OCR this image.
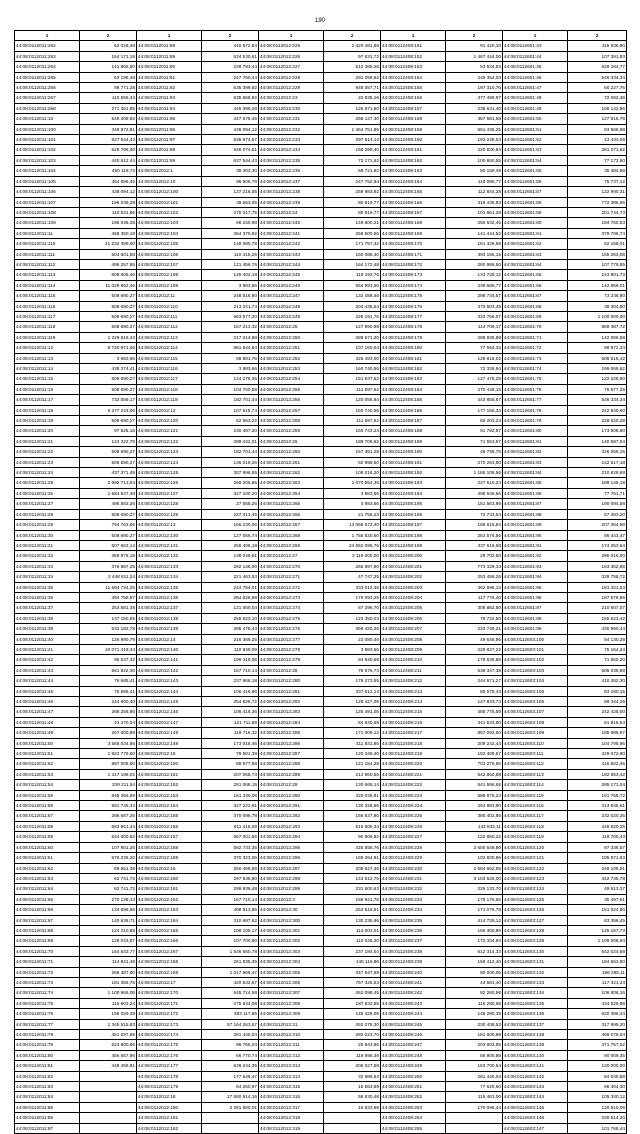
190
1	2	1	2	1	2	1	2	1	2
44:08:0112011:262	62 028,48	44:08:0112011:88	440 672,54	44:08:0112012:225	1 420 481,88	44:08:0112408:151	91 420,10	44:08:0112601:43	115 936,90
44:08:0112011:263	164 171,18	44:08:0112011:89	534 530,61	44:08:0112012:226	97 631,72	44:08:0112408:152	1 467 444,00	44:08:0112601:44	107 391,83
44:08:0112011:264	141 865,50	44:08:0112011:90	239 783,44	44:08:0112012:227	612 385,28	44:08:0112408:153	53 534,93	44:08:0112601:45	629 184,77
44:08:0112011:265	63 196,48	44:08:0112011:91	247 760,44	44:08:0112012:228	291 259,62	44:08:0112408:154	246 354,03	44:08:0112601:46	546 334,34
44:08:0112011:266	98 771,28	44:08:0112011:92	635 399,82	44:08:0112012:229	948 057,71	44:08:0112408:155	197 310,76	44:08:0112601:47	60 227,76
44:08:0112011:267	110 655,34	44:08:0112011:93	635 659,92	44:08:0112012:23	22 835,16	44:08:0112408:156	377 499,97	44:08:0112601:48	72 092,46
44:08:0112011:268	271 361,95	44:08:0112011:94	445 396,28	44:08:0112012:230	126 871,60	44:08:0112408:157	236 631,40	44:08:0112601:49	108 142,86
44:08:0112011:10	549 409,92	44:08:0112011:95	447 676,45	44:08:0112012:231	258 127,30	44:08:0112408:158	367 581,58	44:08:0112601:50	127 916,76
44:08:0112011:100	349 872,81	44:08:0112011:96	436 094,12	44:08:0112012:232	1 464 751,85	44:08:0112408:159	661 436,25	44:08:0112601:51	93 566,98
44:08:0112011:101	627 544,43	44:08:0112011:97	535 674,67	44:08:0112012:233	297 614,14	44:08:0112408:160	193 248,04	44:08:0112601:52	43 433,08
44:08:0112011:102	628 796,30	44:08:0112011:98	646 074,61	44:08:0112012:234	168 298,40	44:08:0112408:161	220 830,84	44:08:0112601:53	281 071,52
44:08:0112011:103	440 612,44	44:08:0112011:99	637 544,43	44:08:0112012:235	72 171,62	44:08:0112408:162	100 650,55	44:08:0112601:54	77 172,60
44:08:0112011:104	450 119,72	44:08:0112012:1	38 303,30	44:08:0112012:236	68 721,92	44:08:0112408:163	50 159,49	44:08:0112601:55	35 484,58
44:08:0112011:105	454 686,45	44:08:0112012:10	96 506,78	44:08:0112012:237	247 752,84	44:08:0112408:164	118 085,77	44:08:0112601:56	75 737,12
44:08:0112011:106	438 094,12	44:08:0112012:100	137 216,05	44:08:0112012:238	259 983,92	44:08:0112408:165	112 844,28	44:08:0112601:57	122 990,31
44:08:0112011:107	196 035,28	44:08:0112012:101	39 663,05	44:08:0112012:239	80 919,77	44:08:0112408:166	316 435,93	44:08:0112601:58	772 386,96
44:08:0112011:108	110 531,86	44:08:0112012:102	270 017,75	44:08:0112012:24	80 919,77	44:08:0112408:167	101 861,28	44:08:0112601:59	201 744,73
44:08:0112011:109	196 035,28	44:08:0112012:103	96 240,98	44:08:0112012:240	149 600,21	44:08:0112408:168	250 632,45	44:08:0112601:60	194 760,53
44:08:0112011:11	468 350,18	44:08:0112012:104	364 370,82	44:08:0112012:241	259 500,56	44:08:0112408:169	141 444,52	44:08:0112601:61	379 706,74
44:08:0112011:110	21 232 389,00	44:08:0112012:105	149 080,79	44:08:0112012:242	171 757,32	44:08:0112408:170	161 328,59	44:08:0112601:62	62 168,01
44:08:0112011:111	504 601,58	44:08:0112012:106	110 415,26	44:08:0112012:243	160 086,40	44:08:0112408:171	393 156,15	44:08:0112601:63	155 263,06
44:08:0112011:112	495 257,86	44:08:0112012:107	121 456,76	44:08:0112012:244	164 172,48	44:08:0112408:172	260 986,50	44:08:0112601:64	107 779,55
44:08:0112011:113	608 605,46	44:08:0112012:108	125 402,18	44:08:0112012:245	119 192,76	44:08:0112408:173	133 728,12	44:08:0112601:65	243 801,73
44:08:0112011:114	11 029 852,46	44:08:0112012:109	3 983,66	44:08:0112012:246	564 993,50	44:08:0112408:174	239 686,77	44:08:0112601:66	142 958,01
44:08:0112011:115	508 690,27	44:08:0112012:11	248 516,90	44:08:0112012:247	132 488,48	44:08:0112408:175	298 734,57	44:08:0112601:67	73 236,80
44:08:0112011:116	508 690,27	44:08:0112012:110	213 221,74	44:08:0112012:248	204 435,54	44:08:0112408:176	370 503,45	44:08:0112601:68	38 304,80
44:08:0112011:117	508 690,27	44:08:0112012:111	663 577,20	44:08:0112012:249	228 191,76	44:08:0112408:177	333 766,07	44:08:0112601:69	1 100 000,00
44:08:0112011:118	508 690,27	44:08:0112012:112	167 213,32	44:08:0112012:25	127 990,98	44:08:0112408:178	114 709,17	44:08:0112601:70	889 387,72
44:08:0112011:119	1 229 816,43	44:08:0112012:113	217 214,88	44:08:0112012:250	288 671,20	44:08:0112408:179	288 936,88	44:08:0112601:71	142 006,58
44:08:0112011:12	8 720 971,06	44:08:0112012:114	881 644,64	44:08:0112012:251	107 160,04	44:08:0112408:180	77 594,32	44:08:0112601:72	98 872,34
44:08:0112011:13	3 983,66	44:08:0112012:115	98 801,76	44:08:0112012:252	325 493,00	44:08:0112408:181	129 818,02	44:08:0112601:73	505 618,42
44:08:0112011:14	438 374,41	44:08:0112012:116	3 983,66	44:08:0112012:253	160 740,56	44:08:0112408:182	72 336,94	44:08:0112601:74	199 065,62
44:08:0112011:15	509 590,27	44:08:0112012:117	144 276,35	44:08:0112012:254	151 637,52	44:08:0112408:183	127 476,25	44:08:0112601:75	122 228,60
44:08:0112011:16	508 690,27	44:08:0112012:118	104 760,58	44:08:0112012:255	111 597,62	44:08:0112408:184	270 448,15	44:08:0112601:76	76 677,25
44:08:0112011:17	732 059,17	44:08:0112012:119	182 701,44	44:08:0112012:256	120 056,84	44:08:0112408:185	443 855,67	44:08:0112601:77	546 334,34
44:08:0112011:18	6 277 243,06	44:08:0112012:12	107 615,74	44:08:0112012:257	160 740,56	44:08:0112408:186	177 155,34	44:08:0112601:78	242 849,60
44:08:0112011:19	508 690,27	44:08:0112012:120	62 663,22	44:08:0112012:258	111 597,62	44:08:0112408:187	60 203,24	44:08:0112601:79	228 620,28
44:08:0112011:20	97 526,16	44:08:0112012:121	230 497,20	44:08:0112012:259	160 743,24	44:08:0112408:188	91 782,97	44:08:0112601:80	173 908,60
44:08:0112011:21	124 322,75	44:08:0112012:122	289 442,01	44:08:0112012:26	189 706,62	44:08:0112408:189	71 553,57	44:08:0112601:81	140 587,04
44:08:0112011:22	508 690,27	44:08:0112012:123	182 701,44	44:08:0112012:260	167 381,28	44:08:0112408:190	49 736,75	44:08:0112601:82	326 059,16
44:08:0112011:23	509 590,27	44:08:0112012:124	136 019,26	44:08:0112012:261	92 999,60	44:08:0112408:191	270 263,80	44:08:0112601:83	142 517,18
44:08:0112011:24	437 371,49	44:08:0112012:125	307 996,55	44:08:0112012:262	108 016,20	44:08:0112408:192	1 165 106,56	44:08:0112601:84	210 629,68
44:08:0112011:25	2 992 713,54	44:08:0112012:126	268 206,65	44:08:0112012:263	1 070 554,35	44:08:0112408:193	227 610,24	44:08:0112601:85	189 145,18
44:08:0112011:26	1 584 547,48	44:08:0112012:127	327 100,20	44:08:0112012:264	3 983,66	44:08:0112408:194	495 646,56	44:08:0112601:86	77 761,71
44:08:0112011:27	495 553,26	44:08:0112012:128	27 555,26	44:08:0112012:265	3 983,66	44:08:0112408:195	151 563,98	44:08:0112601:87	190 094,58
44:08:0112011:28	508 690,27	44:08:0112012:129	227 413,45	44:08:0112012:266	21 755,23	44:08:0112408:196	72 733,54	44:08:0112601:88	57 483,20
44:08:0112011:29	794 763,66	44:08:0112012:13	166 230,06	44:08:0112012:267	13 065 672,40	44:08:0112408:197	185 616,84	44:08:0112601:89	207 364,68
44:08:0112011:30	508 690,27	44:08:0112012:130	127 066,74	44:08:0112012:268	1 755 820,60	44:08:0112408:198	263 576,56	44:08:0112601:90	86 443,47
44:08:0112011:31	507 663,14	44:08:0112012:131	256 406,18	44:08:0112012:269	24 652 096,76	44:08:0112408:199	337 616,68	44:08:0112601:91	174 253,64
44:08:0112011:32	369 876,18	44:08:0112012:132	138 046,51	44:08:0112012:27	3 119 000,00	44:08:0112408:200	28 702,50	44:08:0112601:92	296 016,00
44:08:0112011:33	376 887,25	44:08:0112012:133	292 148,00	44:08:0112012:270	266 897,90	44:08:0112408:201	773 329,34	44:08:0112601:93	163 362,85
44:08:0112011:34	2 448 811,24	44:08:0112012:134	221 463,53	44:08:0112012:271	47 747,25	44:08:0112408:202	253 458,28	44:08:0112601:94	329 758,72
44:08:0112011:35	11 694 734,25	44:08:0112012:135	244 754,01	44:08:0112012:272	333 012,46	44:08:0112408:203	362 695,13	44:08:0112601:95	181 321,53
44:08:0112011:36	494 755,97	44:08:0112012:136	264 626,98	44:08:0112012:273	176 093,25	44:08:0112408:204	117 776,40	44:08:0112601:96	187 578,86
44:08:0112011:37	253 581,38	44:08:0112012:137	121 050,04	44:08:0112012:274	87 296,70	44:08:0112408:205	308 882,50	44:08:0112601:97	210 607,07
44:08:0112011:38	137 150,05	44:08:0112012:138	259 523,10	44:08:0112012:275	123 350,03	44:08:0112408:206	78 722,50	44:08:0112601:98	155 523,42
44:08:0112011:39	532 182,78	44:08:0112012:139	285 475,43	44:08:0112012:276	369 420,25	44:08:0112408:207	233 749,21	44:08:0112601:99	430 990,44
44:08:0112011:40	126 990,79	44:08:0112012:14	216 369,25	44:08:0112012:277	23 080,48	44:08:0112408:208	49 646,86	44:08:0112603:100	94 130,28
44:08:0112011:41	10 071 418,34	44:08:0112012:140	110 849,09	44:08:0112012:278	3 983,66	44:08:0112408:209	229 827,22	44:08:0112603:101	75 164,24
44:08:0112011:42	95 537,32	44:08:0112012:141	199 316,06	44:08:0112012:279	84 840,68	44:08:0112408:210	179 636,89	44:08:0112603:102	71 560,20
44:08:0112011:43	561 822,30	44:08:0112012:142	167 710,14	44:08:0112012:28	79 576,73	44:08:0112408:211	536 347,38	44:08:0112603:103	505 038,89
44:08:0112011:44	76 685,41	44:08:0112012:143	237 966,18	44:08:0112012:280	176 273,55	44:08:0112408:212	244 671,27	44:08:0112603:104	410 262,30
44:08:0112011:45	76 685,41	44:08:0112012:144	106 416,66	44:08:0112012:281	337 612,13	44:08:0112408:213	85 575,43	44:08:0112603:105	83 180,15
44:08:0112011:46	244 600,40	44:08:0112012:145	254 526,72	44:08:0112012:282	128 427,05	44:08:0112408:214	147 833,74	44:08:0112603:106	89 344,25
44:08:0112011:47	268 256,86	44:08:0112012:146	108 416,36	44:08:0112012:283	125 491,05	44:08:0112408:215	485 775,58	44:08:0112603:107	242 425,00
44:08:0112011:48	43 270,04	44:08:0112012:147	121 711,59	44:08:0112012:284	84 840,68	44:08:0112408:216	341 633,80	44:08:0112603:108	61 918,54
44:08:0112011:49	267 000,88	44:08:0112012:148	119 716,32	44:08:0112012:285	171 009,12	44:08:0112408:217	867 092,50	44:08:0112603:109	185 986,97
44:08:0112011:50	3 565 034,86	44:08:0112012:149	173 016,46	44:08:0112012:286	311 831,85	44:08:0112408:218	209 242,44	44:08:0112603:110	104 795,96
44:08:0112011:51	1 822 779,60	44:08:0112012:15	79 601,38	44:08:0112012:287	120 346,40	44:08:0112408:219	102 408,67	44:08:0112603:111	429 072,90
44:08:0112011:52	887 005,60	44:08:0112012:150	89 577,88	44:08:0112012:288	121 154,28	44:08:0112408:220	703 276,96	44:08:0112603:112	416 602,46
44:08:0112011:53	1 317 198,02	44:08:0112012:151	207 068,73	44:08:0112012:289	214 960,56	44:08:0112408:221	542 850,88	44:08:0112603:113	182 653,42
44:08:0112011:54	339 211,54	44:08:0112012:152	251 068,15	44:08:0112012:29	130 669,14	44:08:0112408:222	541 596,65	44:08:0112603:114	285 171,04
44:08:0112011:55	848 356,89	44:08:0112012:153	151 330,06	44:08:0112012:290	320 036,81	44:08:0112408:223	589 875,23	44:08:0112603:115	101 768,72
44:08:0112011:56	591 745,34	44:08:0112012:154	327 222,91	44:08:0112012:291	130 325,66	44:08:0112408:224	254 983,90	44:08:0112603:116	313 546,61
44:08:0112011:57	286 687,26	44:08:0112012:155	370 096,78	44:08:0112012:292	156 637,80	44:08:0112408:225	380 402,85	44:08:0112603:117	232 020,35
44:08:0112011:58	683 561,44	44:08:0112012:156	611 416,29	44:08:0112012:293	515 605,34	44:08:0112408:226	142 832,11	44:08:0112603:118	449 520,25
44:08:0112011:59	644 000,62	44:08:0112012:157	567 001,66	44:08:0112012:294	90 506,92	44:08:0112408:227	122 850,22	44:08:0112603:119	119 700,43
44:08:0112011:60	107 901,26	44:08:0112012:158	582 733,35	44:08:0112012:295	425 555,76	44:08:0112408:228	2 600 649,80	44:08:0112603:120	97 336,57
44:08:0112011:61	676 236,20	44:08:0112012:159	370 323,06	44:08:0112012:296	165 264,91	44:08:0112408:229	102 830,86	44:08:0112603:121	105 971,63
44:08:0112011:62	69 561,38	44:08:0112012:16	250 465,59	44:08:0112012:297	205 627,45	44:08:0112408:230	2 584 662,55	44:08:0112603:122	249 105,91
44:08:0112011:63	62 741,72	44:08:0112012:160	297 535,90	44:08:0112012:298	143 612,76	44:08:0112408:231	3 103 525,00	44:08:0112603:123	442 735,78
44:08:0112011:64	62 741,72	44:08:0112012:161	299 936,48	44:08:0112012:299	231 600,63	44:08:0112408:232	226 133,70	44:08:0112603:124	49 613,37
44:08:0112011:65	270 138,43	44:08:0112012:162	167 710,14	44:08:0112012:3	166 921,76	44:08:0112408:233	179 176,66	44:08:0112603:125	35 497,61
44:08:0112011:66	134 596,56	44:08:0112012:163	498 913,86	44:08:0112012:30	253 616,51	44:08:0112408:234	171 076,78	44:08:0112603:126	151 024,80
44:08:0112011:67	140 636,71	44:08:0112012:164	310 697,62	44:08:0112012:300	130 235,96	44:08:0112408:235	414 725,12	44:08:0112603:127	83 356,45
44:08:0112011:68	124 210,88	44:08:0112012:165	108 105,17	44:08:0112012:301	114 003,01	44:08:0112408:236	156 300,86	44:08:0112603:128	125 157,73
44:08:0112011:69	128 043,87	44:08:0112012:166	107 700,90	44:08:0112012:302	110 028,30	44:08:0112408:237	172 334,94	44:08:0112603:129	1 109 008,94
44:08:0112011:70	164 543,77	44:08:0112012:167	1 546 560,78	44:08:0112012:303	237 184,04	44:08:0112408:238	612 314,33	44:08:0112603:130	542 024,68
44:08:0112011:71	114 841,48	44:08:0112012:168	261 835,36	44:08:0112012:304	146 116,86	44:08:0112408:239	158 412,40	44:08:0112603:131	184 663,90
44:08:0112011:72	266 387,80	44:08:0112012:169	1 017 566,47	44:08:0112012:305	347 647,59	44:08:0112408:240	80 000,06	44:08:0112603:132	196 295,11
44:08:0112011:73	181 355,76	44:08:0112012:17	420 532,57	44:08:0112012:306	757 325,53	44:08:0112408:241	44 563,40	44:08:0112603:133	117 321,24
44:08:0112011:74	1 100 966,06	44:08:0112012:170	645 714,58	44:08:0112012:307	262 098,45	44:08:0112408:242	82 260,98	44:08:0112603:134	106 806,16
44:08:0112011:75	115 603,24	44:08:0112012:171	275 844,08	44:08:0112012:308	187 832,55	44:08:0112408:243	116 280,58	44:08:0112603:135	434 529,88
44:08:0112011:76	196 029,39	44:08:0112012:172	383 117,85	44:08:0112012:309	145 326,05	44:08:0112408:244	148 280,39	44:08:0112603:136	620 396,44
44:08:0112011:77	1 345 515,83	44:08:0112012:173	57 164 263,67	44:08:0112012:31	262 075,30	44:08:0112408:245	230 408,53	44:08:0112603:137	317 995,20
44:08:0112011:78	451 097,65	44:08:0112012:174	281 440,04	44:08:0112012:310	292 023,70	44:08:0112408:246	181 600,98	44:08:0112603:138	469 076,04
44:08:0112011:79	623 800,86	44:08:0112012:175	96 766,04	44:08:0112012:311	25 843,96	44:08:0112408:247	203 802,85	44:08:0112603:139	371 757,52
44:08:0112011:80	456 657,96	44:08:0112012:176	66 770,74	44:08:0112012:312	119 595,38	44:08:0112408:248	56 900,88	44:08:0112603:140	90 009,35
44:08:0112011:81	448 459,81	44:08:0112012:177	639 244,35	44:08:0112012:313	205 027,58	44:08:0112408:249	163 700,64	44:08:0112603:141	120 000,00
44:08:0112011:82		44:08:0112012:178	177 646,47	44:08:0112012:314	32 888,53	44:08:0112408:250	281 440,04	44:08:0112603:142	84 630,58
44:08:0112011:83		44:08:0112012:179	64 260,97	44:08:0112012:315	15 563,89	44:08:0112408:251	77 620,60	44:08:0112603:143	96 404,30
44:08:0112011:84		44:08:0112012:18	17 650 914,16	44:08:0112012:316	58 630,48	44:08:0112408:252	115 463,00	44:08:0112603:144	105 340,12
44:08:0112011:85		44:08:0112012:180	2 281 600,01	44:08:0112012:317	16 533,99	44:08:0112408:253	170 096,44	44:08:0112603:145	120 510,09
44:08:0112011:86		44:08:0112012:181		44:08:0112012:318		44:08:0112408:254		44:08:0112603:146	230 614,20
44:08:0112011:87		44:08:0112012:182		44:08:0112012:319		44:08:0112408:255		44:08:0112603:147	101 768,44
